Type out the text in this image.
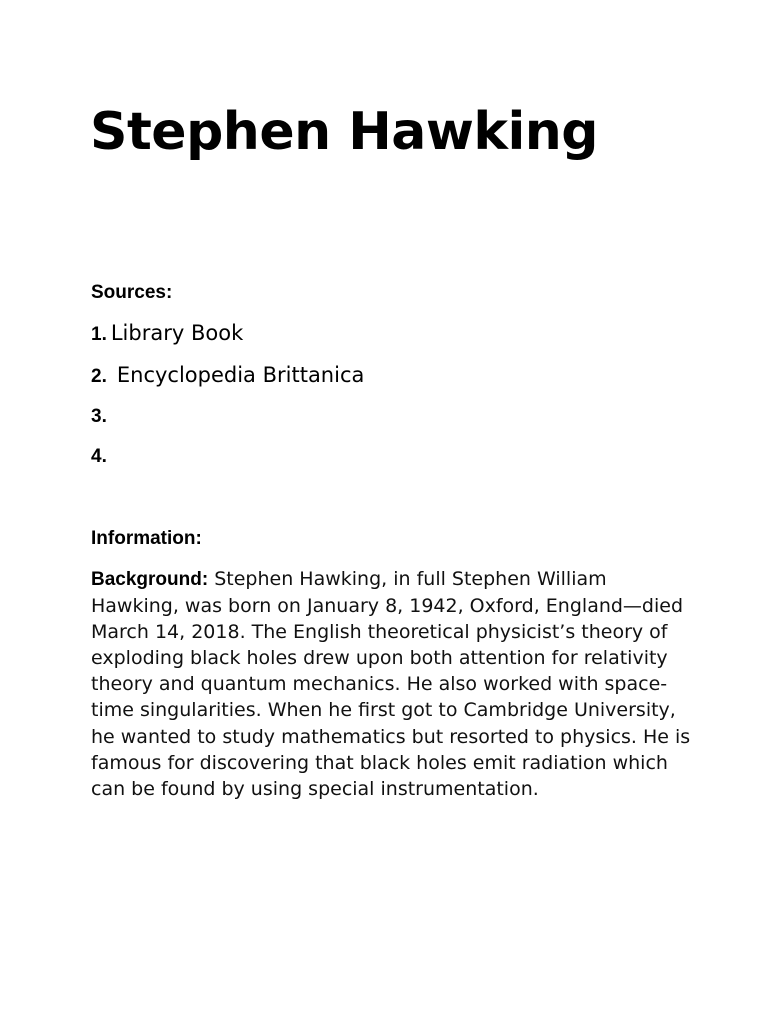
Stephen Hawking
Sources:
1. Library Book
2. Encyclopedia Brittanica
3.
4.
Information:

Background: Stephen Hawking, in full Stephen William Hawking, was born on January 8, 1942, Oxford, England—died March 14, 2018. The English theoretical physicist’s theory of exploding black holes drew upon both attention for relativity theory and quantum mechanics. He also worked with space-time singularities. When he first got to Cambridge University, he wanted to study mathematics but resorted to physics. He is famous for discovering that black holes emit radiation which can be found by using special instrumentation.
